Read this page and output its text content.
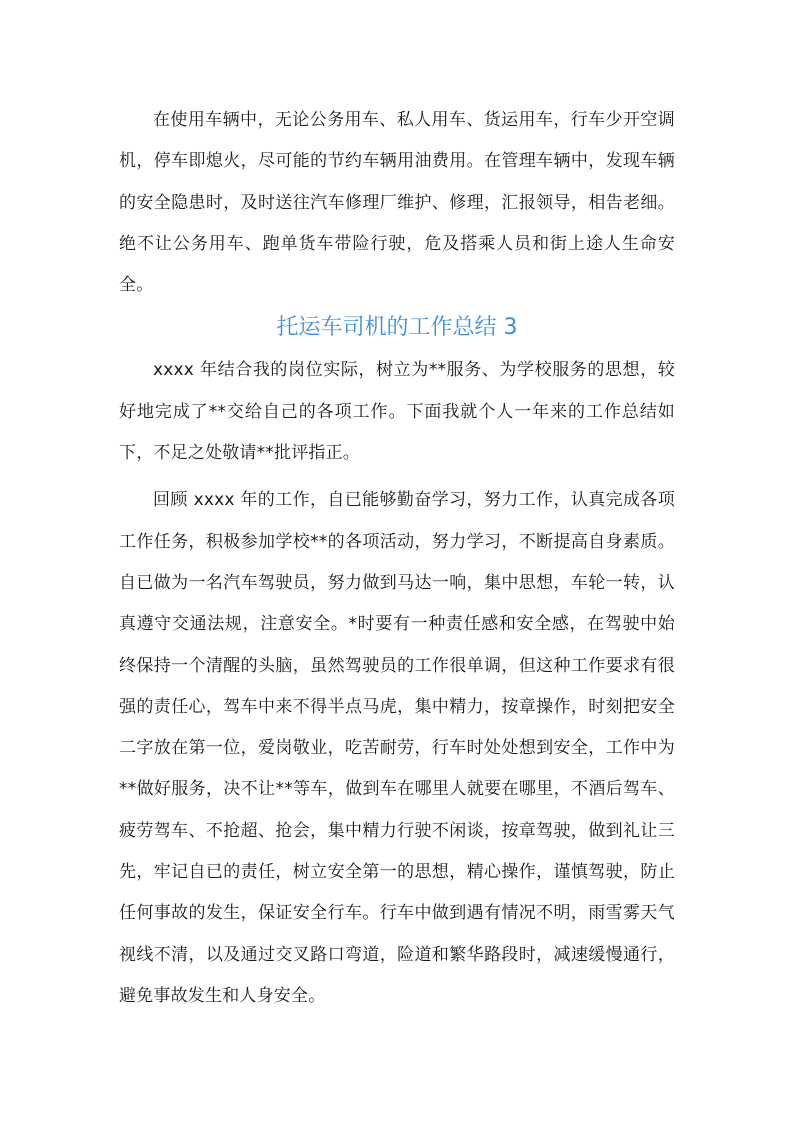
在使用车辆中，无论公务用车、私人用车、货运用车，行车少开空调机，停车即熄火，尽可能的节约车辆用油费用。在管理车辆中，发现车辆的安全隐患时，及时送往汽车修理厂维护、修理，汇报领导，相告老细。绝不让公务用车、跑单货车带险行驶，危及搭乘人员和街上途人生命安全。

托运车司机的工作总结 3

xxxx 年结合我的岗位实际，树立为**服务、为学校服务的思想，较好地完成了**交给自己的各项工作。下面我就个人一年来的工作总结如下，不足之处敬请**批评指正。

回顾 xxxx 年的工作，自已能够勤奋学习，努力工作，认真完成各项工作任务，积极参加学校**的各项活动，努力学习，不断提高自身素质。自已做为一名汽车驾驶员，努力做到马达一响，集中思想，车轮一转，认真遵守交通法规，注意安全。*时要有一种责任感和安全感，在驾驶中始终保持一个清醒的头脑，虽然驾驶员的工作很单调，但这种工作要求有很强的责任心，驾车中来不得半点马虎，集中精力，按章操作，时刻把安全二字放在第一位，爱岗敬业，吃苦耐劳，行车时处处想到安全，工作中为**做好服务，决不让**等车，做到车在哪里人就要在哪里，不酒后驾车、疲劳驾车、不抢超、抢会，集中精力行驶不闲谈，按章驾驶，做到礼让三先，牢记自已的责任，树立安全第一的思想，精心操作，谨慎驾驶，防止任何事故的发生，保证安全行车。行车中做到遇有情况不明，雨雪雾天气视线不清，以及通过交叉路口弯道，险道和繁华路段时，减速缓慢通行，避免事故发生和人身安全。
